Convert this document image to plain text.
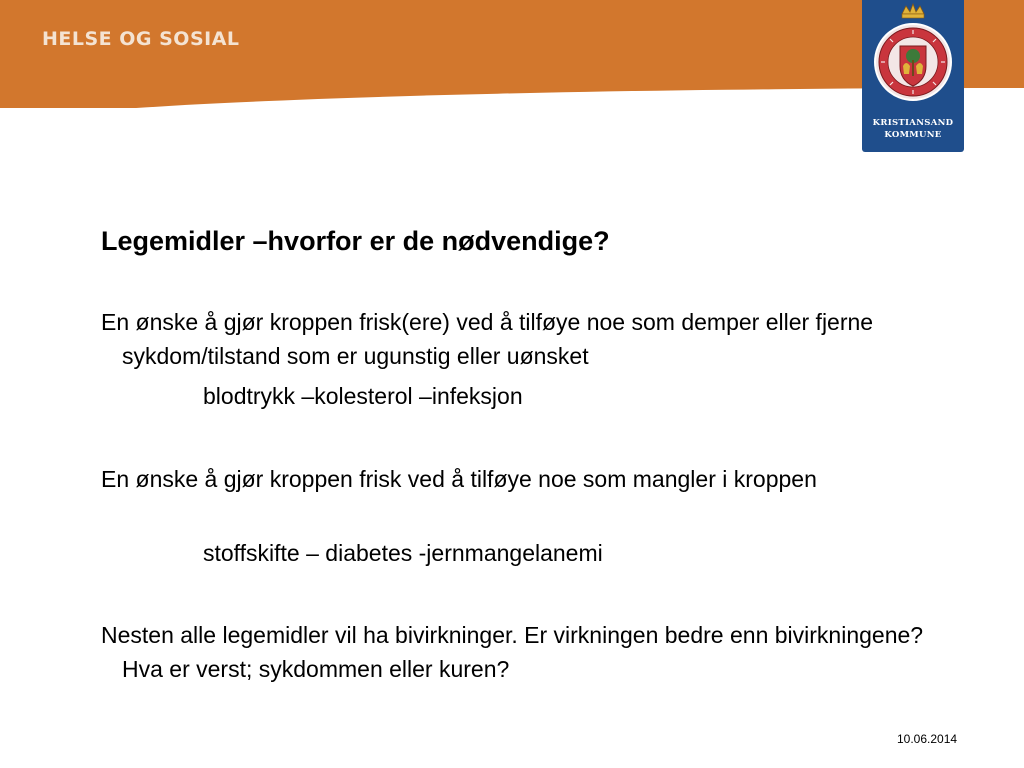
HELSE OG SOSIAL
KRISTIANSAND
KOMMUNE
Legemidler –hvorfor er de nødvendige?
En ønske å gjør kroppen frisk(ere) ved å tilføye noe som demper eller fjerne sykdom/tilstand som er ugunstig eller uønsket
blodtrykk –kolesterol –infeksjon
En ønske å gjør kroppen frisk ved å tilføye noe som mangler i kroppen
stoffskifte – diabetes -jernmangelanemi
Nesten alle legemidler vil ha bivirkninger. Er virkningen bedre enn bivirkningene? Hva er verst; sykdommen eller kuren?
10.06.2014
